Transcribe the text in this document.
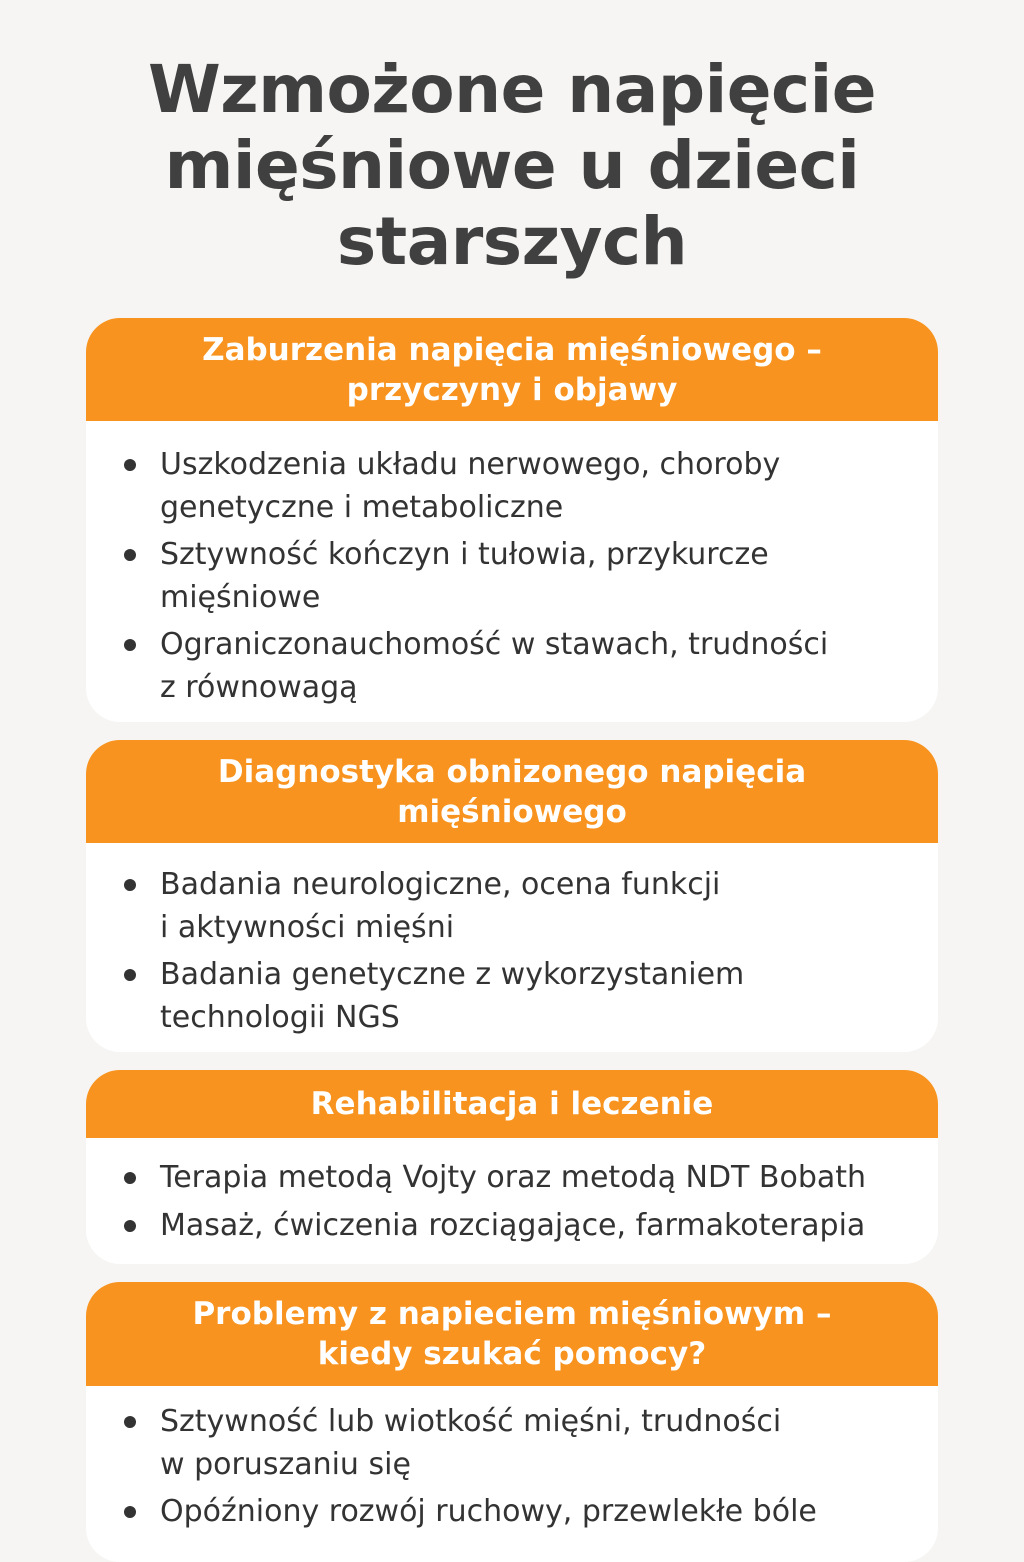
Wzmożone napięcie
mięśniowe u dzieci
starszych
Zaburzenia napięcia mięśniowego –
przyczyny i objawy
Uszkodzenia układu nerwowego, choroby
genetyczne i metaboliczne
Sztywność kończyn i tułowia, przykurcze
mięśniowe
Ograniczonauchomość w stawach, trudności
z równowagą
Diagnostyka obnizonego napięcia
mięśniowego
Badania neurologiczne, ocena funkcji
i aktywności mięśni
Badania genetyczne z wykorzystaniem
technologii NGS
Rehabilitacja i leczenie
Terapia metodą Vojty oraz metodą NDT Bobath
Masaż, ćwiczenia rozciągające, farmakoterapia
Problemy z napieciem mięśniowym –
kiedy szukać pomocy?
Sztywność lub wiotkość mięśni, trudności
w poruszaniu się
Opóźniony rozwój ruchowy, przewlekłe bóle
